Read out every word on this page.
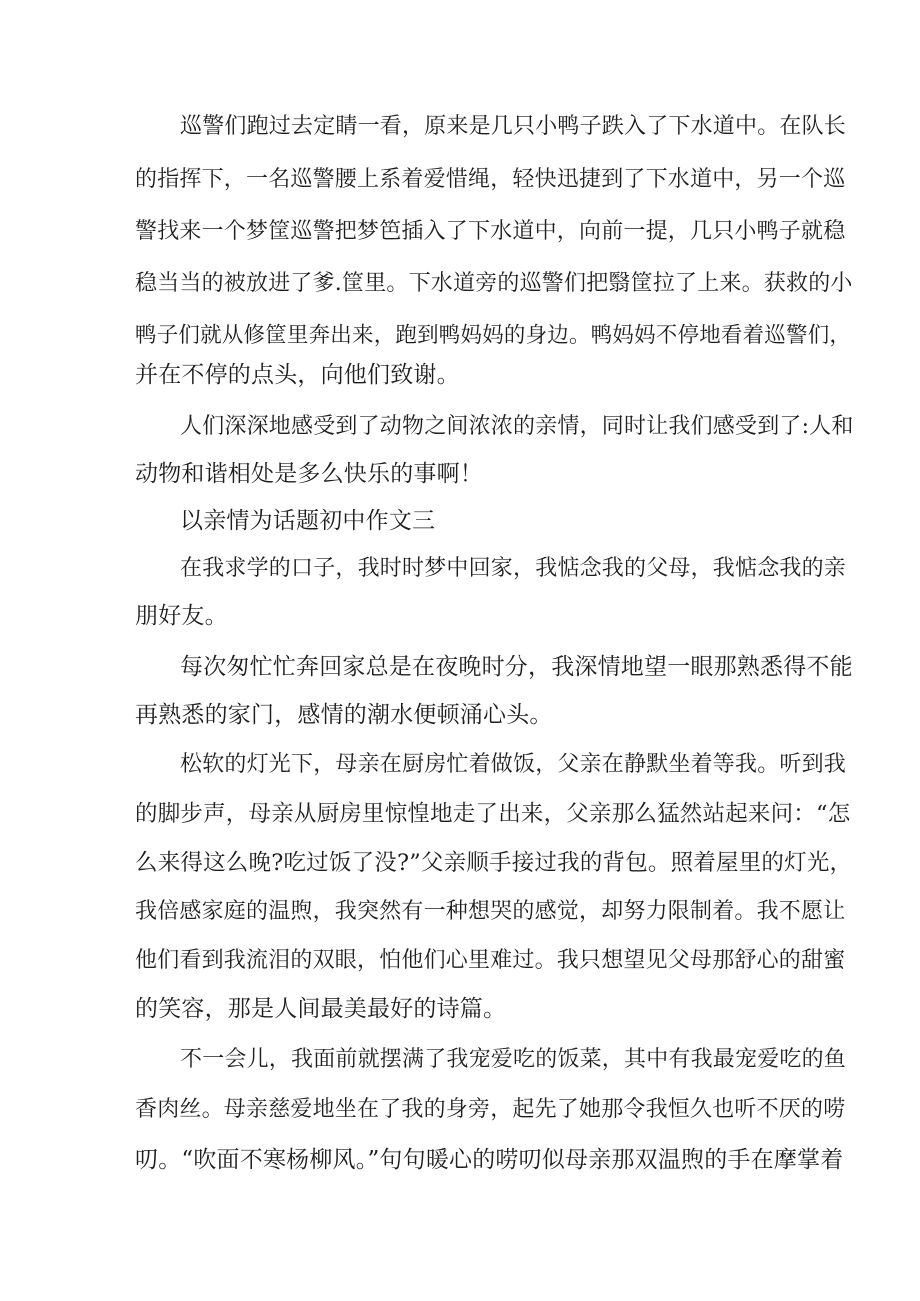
巡警们跑过去定睛一看，原来是几只小鸭子跌入了下水道中。在队长
的指挥下，一名巡警腰上系着爱惜绳，轻快迅捷到了下水道中，另一个巡
警找来一个梦筐巡警把梦笆插入了下水道中，向前一提，几只小鸭子就稳
稳当当的被放进了爹.筐里。下水道旁的巡警们把翳筐拉了上来。获救的小
鸭子们就从修筐里奔出来，跑到鸭妈妈的身边。鸭妈妈不停地看着巡警们，
并在不停的点头，向他们致谢。
人们深深地感受到了动物之间浓浓的亲情，同时让我们感受到了:人和
动物和谐相处是多么快乐的事啊！
以亲情为话题初中作文三
在我求学的口子，我时时梦中回家，我惦念我的父母，我惦念我的亲
朋好友。
每次匆忙忙奔回家总是在夜晚时分，我深情地望一眼那熟悉得不能
再熟悉的家门，感情的潮水便顿涌心头。
松软的灯光下，母亲在厨房忙着做饭，父亲在静默坐着等我。听到我
的脚步声，母亲从厨房里惊惶地走了出来，父亲那么猛然站起来问：“怎
么来得这么晚?吃过饭了没?”父亲顺手接过我的背包。照着屋里的灯光，
我倍感家庭的温煦，我突然有一种想哭的感觉，却努力限制着。我不愿让
他们看到我流泪的双眼，怕他们心里难过。我只想望见父母那舒心的甜蜜
的笑容，那是人间最美最好的诗篇。
不一会儿，我面前就摆满了我宠爱吃的饭菜，其中有我最宠爱吃的鱼
香肉丝。母亲慈爱地坐在了我的身旁，起先了她那令我恒久也听不厌的唠
叨。“吹面不寒杨柳风。”句句暖心的唠叨似母亲那双温煦的手在摩掌着
